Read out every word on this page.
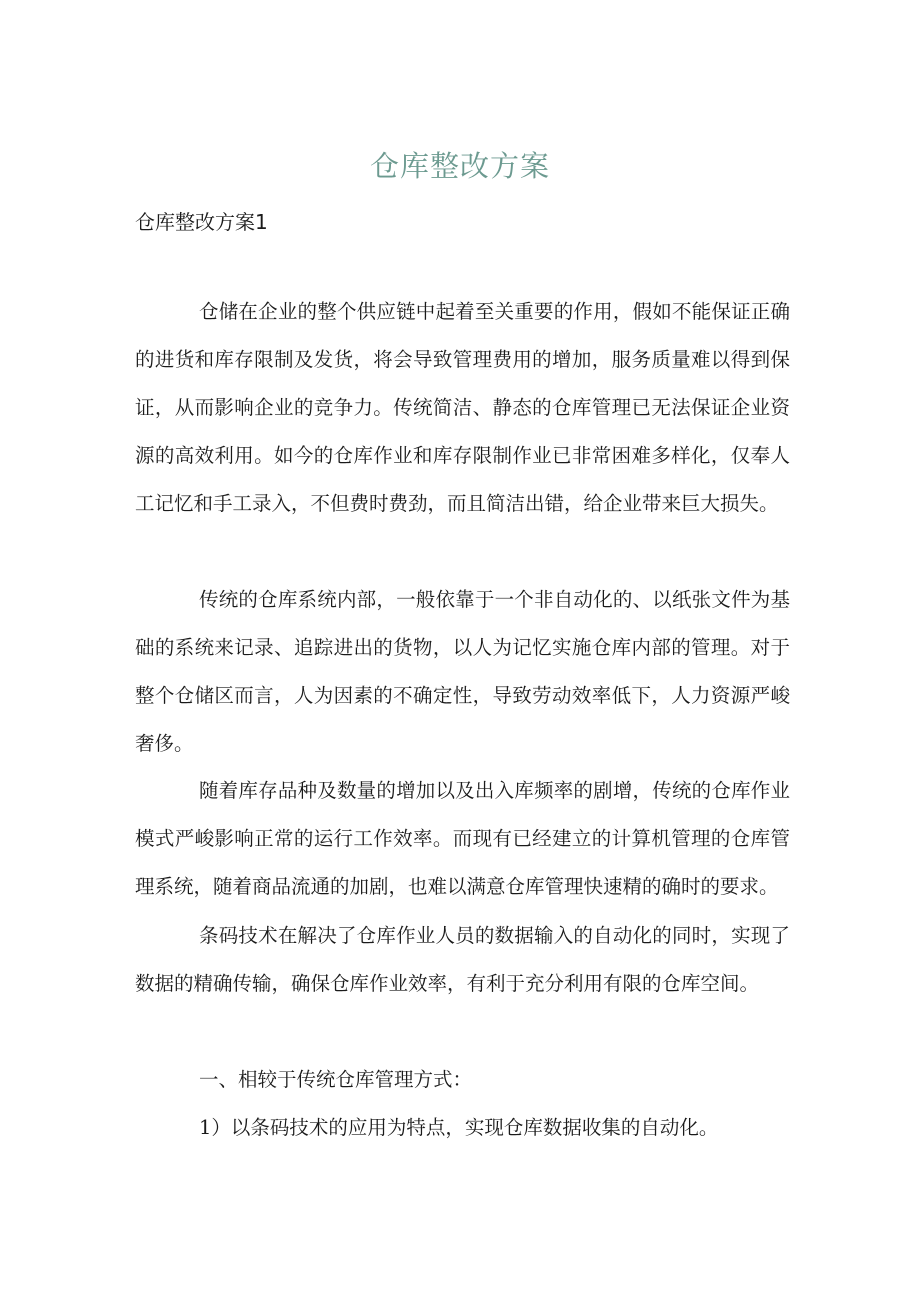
仓库整改方案
仓库整改方案1

仓储在企业的整个供应链中起着至关重要的作用，假如不能保证正确的进货和库存限制及发货，将会导致管理费用的增加，服务质量难以得到保证，从而影响企业的竞争力。传统简洁、静态的仓库管理已无法保证企业资源的高效利用。如今的仓库作业和库存限制作业已非常困难多样化，仅奉人工记忆和手工录入，不但费时费劲，而且简洁出错，给企业带来巨大损失。

传统的仓库系统内部，一般依靠于一个非自动化的、以纸张文件为基础的系统来记录、追踪进出的货物，以人为记忆实施仓库内部的管理。对于整个仓储区而言，人为因素的不确定性，导致劳动效率低下，人力资源严峻奢侈。

随着库存品种及数量的增加以及出入库频率的剧增，传统的仓库作业模式严峻影响正常的运行工作效率。而现有已经建立的计算机管理的仓库管理系统，随着商品流通的加剧，也难以满意仓库管理快速精的确时的要求。

条码技术在解决了仓库作业人员的数据输入的自动化的同时，实现了数据的精确传输，确保仓库作业效率，有利于充分利用有限的仓库空间。

一、相较于传统仓库管理方式：

1）以条码技术的应用为特点，实现仓库数据收集的自动化。
